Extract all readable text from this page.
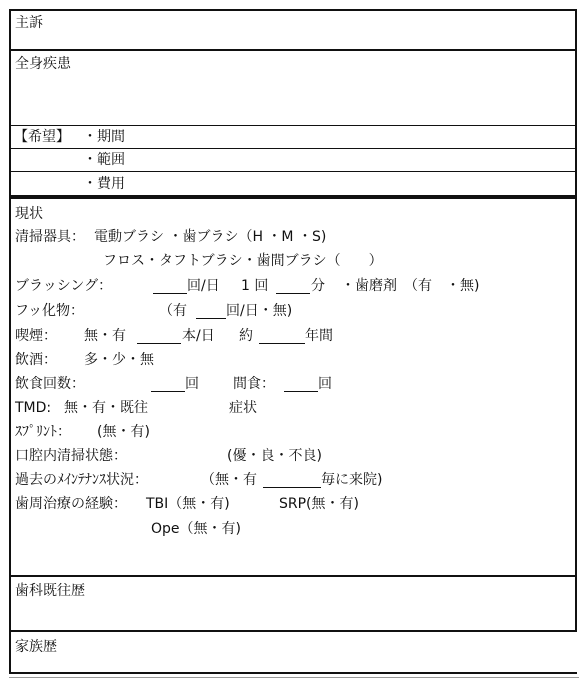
主訴
全身疾患
【希望】 ・期間
・範囲
・費用
現状
清掃器具： 電動ブラシ ・歯ブラシ（H ・M ・S)
フロス・タフトブラシ・歯間ブラシ（　　）
ブラッシング：	回/日 1 回	分 ・歯磨剤　（有　・無)
フッ化物：	（有	回/日・無)
喫煙： 無・有	本/日 約	年間
飲酒： 多・少・無
飲食回数：	回 間食：	回
TMD: 無・有・既往	症状
ｽﾌﾟﾘﾝﾄ： (無・有)
口腔内清掃状態：	(優・良・不良)
過去のﾒｲﾝﾃﾅﾝｽ状況：	（無・有	毎に来院)
歯周治療の経験： TBI（無・有)	SRP(無・有)
Ope（無・有)
歯科既往歴
家族歴
